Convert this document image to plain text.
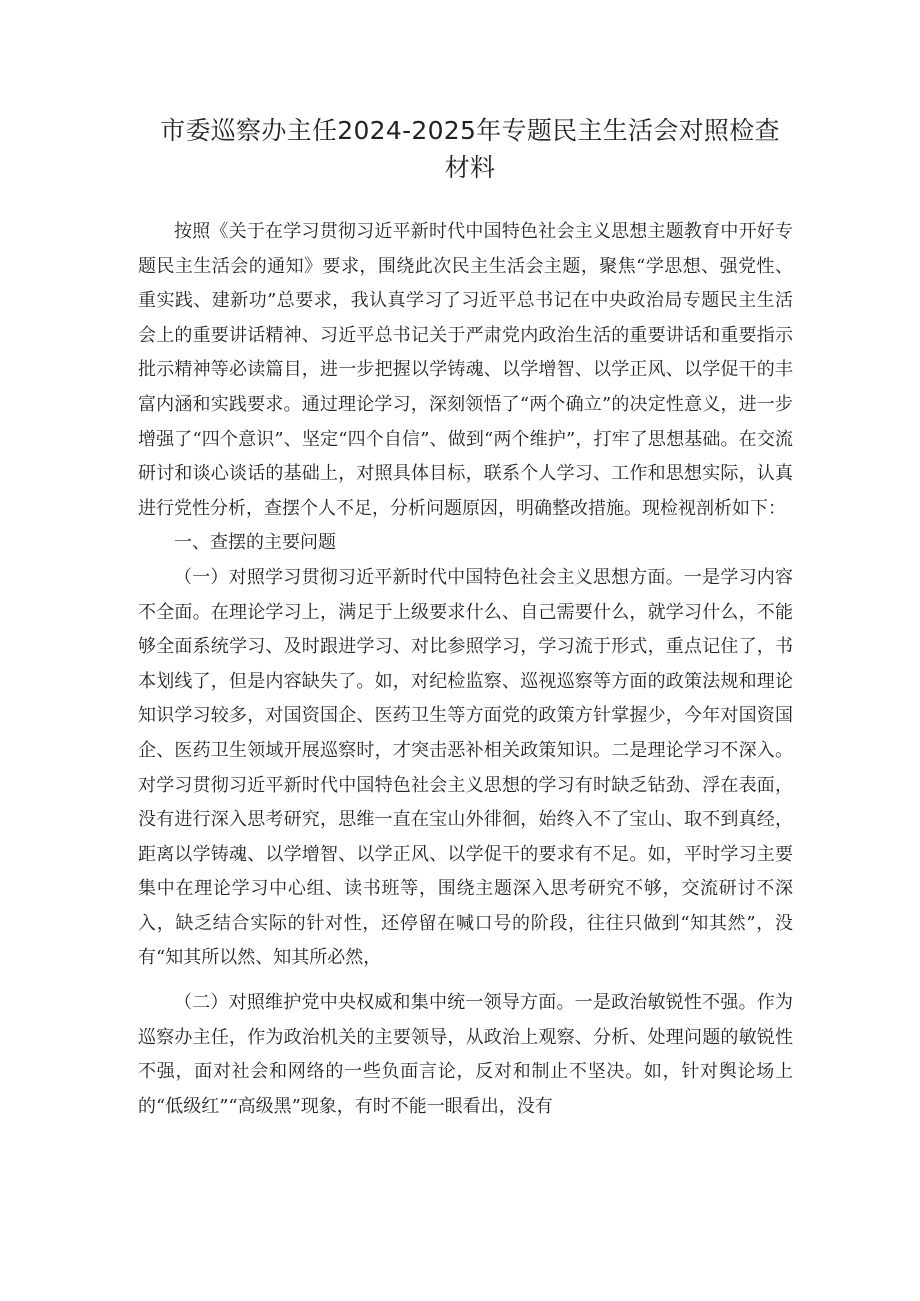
市委巡察办主任2024-2025年专题民主生活会对照检查
材料

按照《关于在学习贯彻习近平新时代中国特色社会主义思想主题教育中开好专题民主生活会的通知》要求，围绕此次民主生活会主题，聚焦“学思想、强党性、重实践、建新功”总要求，我认真学习了习近平总书记在中央政治局专题民主生活会上的重要讲话精神、习近平总书记关于严肃党内政治生活的重要讲话和重要指示批示精神等必读篇目，进一步把握以学铸魂、以学增智、以学正风、以学促干的丰富内涵和实践要求。通过理论学习，深刻领悟了“两个确立”的决定性意义，进一步增强了“四个意识”、坚定“四个自信”、做到“两个维护”，打牢了思想基础。在交流研讨和谈心谈话的基础上，对照具体目标，联系个人学习、工作和思想实际，认真进行党性分析，查摆个人不足，分析问题原因，明确整改措施。现检视剖析如下：

一、查摆的主要问题

（一）对照学习贯彻习近平新时代中国特色社会主义思想方面。一是学习内容不全面。在理论学习上，满足于上级要求什么、自己需要什么，就学习什么，不能够全面系统学习、及时跟进学习、对比参照学习，学习流于形式，重点记住了，书本划线了，但是内容缺失了。如，对纪检监察、巡视巡察等方面的政策法规和理论知识学习较多，对国资国企、医药卫生等方面党的政策方针掌握少，今年对国资国企、医药卫生领域开展巡察时，才突击恶补相关政策知识。二是理论学习不深入。对学习贯彻习近平新时代中国特色社会主义思想的学习有时缺乏钻劲、浮在表面，没有进行深入思考研究，思维一直在宝山外徘徊，始终入不了宝山、取不到真经，距离以学铸魂、以学增智、以学正风、以学促干的要求有不足。如，平时学习主要集中在理论学习中心组、读书班等，围绕主题深入思考研究不够，交流研讨不深入，缺乏结合实际的针对性，还停留在喊口号的阶段，往往只做到“知其然”，没有“知其所以然、知其所必然，

（二）对照维护党中央权威和集中统一领导方面。一是政治敏锐性不强。作为巡察办主任，作为政治机关的主要领导，从政治上观察、分析、处理问题的敏锐性不强，面对社会和网络的一些负面言论，反对和制止不坚决。如，针对舆论场上的“低级红”“高级黑”现象，有时不能一眼看出，没有
